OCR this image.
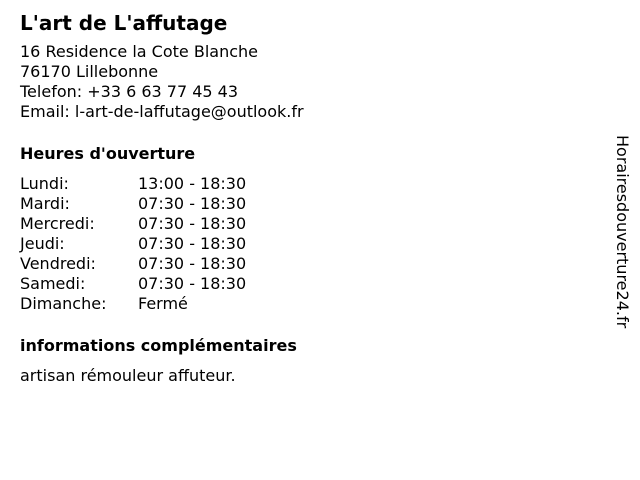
L'art de L'affutage
16 Residence la Cote Blanche
76170 Lillebonne
Telefon: +33 6 63 77 45 43
Email: l-art-de-laffutage@outlook.fr
Heures d'ouverture
Lundi:	13:00 - 18:30
Mardi:	07:30 - 18:30
Mercredi:	07:30 - 18:30
Jeudi:	07:30 - 18:30
Vendredi:	07:30 - 18:30
Samedi:	07:30 - 18:30
Dimanche:	Fermé
informations complémentaires
artisan rémouleur affuteur.
Horairesdouverture24.fr
